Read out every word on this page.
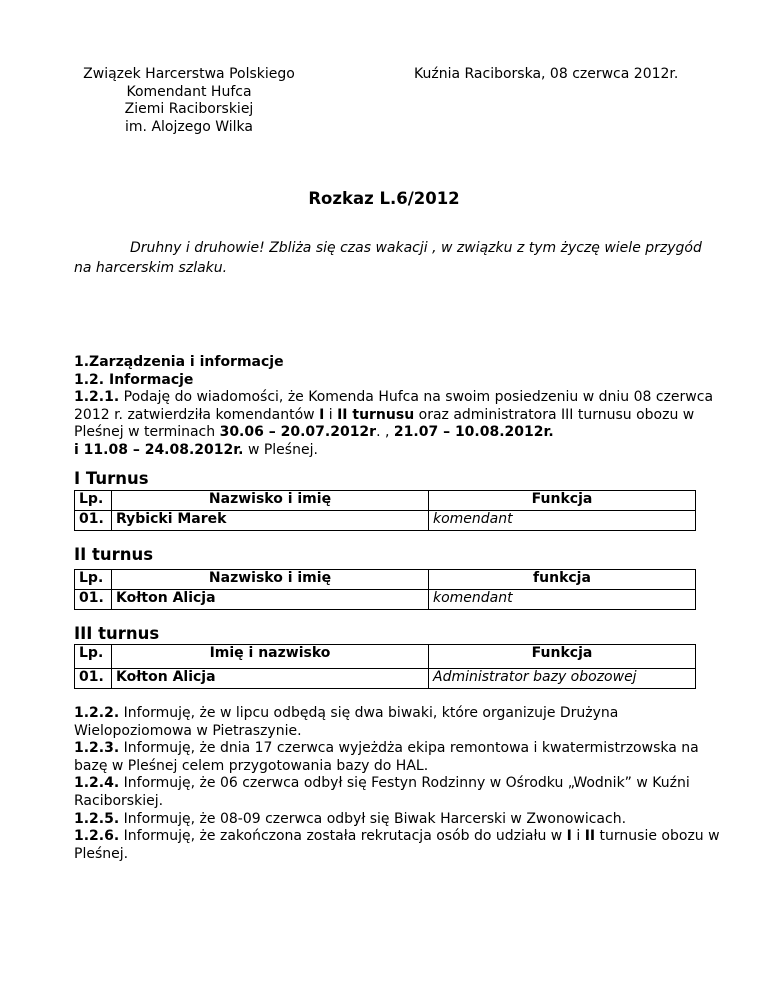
Związek Harcerstwa Polskiego
Komendant Hufca
Ziemi Raciborskiej
im. Alojzego Wilka
Kuźnia Raciborska, 08 czerwca 2012r.
Rozkaz L.6/2012
Druhny i druhowie! Zbliża się czas wakacji , w związku z tym życzę wiele przygód na harcerskim szlaku.
1.Zarządzenia i informacje
1.2. Informacje
1.2.1. Podaję do wiadomości, że Komenda Hufca na swoim posiedzeniu w dniu 08 czerwca 2012 r. zatwierdziła komendantów I i II turnusu oraz administratora III turnusu obozu w Pleśnej w terminach 30.06 – 20.07.2012r. , 21.07 – 10.08.2012r.
i 11.08 – 24.08.2012r. w Pleśnej.
I Turnus
Lp.	Nazwisko i imię	Funkcja
01.	Rybicki Marek	komendant
II turnus
Lp.	Nazwisko i imię	funkcja
01.	Kołton Alicja	komendant
III turnus
Lp.	Imię i nazwisko	Funkcja
01.	Kołton Alicja	Administrator bazy obozowej
1.2.2. Informuję, że w lipcu odbędą się dwa biwaki, które organizuje Drużyna Wielopoziomowa w Pietraszynie.
1.2.3. Informuję, że dnia 17 czerwca wyjeżdża ekipa remontowa i kwatermistrzowska na bazę w Pleśnej celem przygotowania bazy do HAL.
1.2.4. Informuję, że 06 czerwca odbył się Festyn Rodzinny w Ośrodku „Wodnik” w Kuźni Raciborskiej.
1.2.5. Informuję, że 08-09 czerwca odbył się Biwak Harcerski w Zwonowicach.
1.2.6. Informuję, że zakończona została rekrutacja osób do udziału w I i II turnusie obozu w Pleśnej.
